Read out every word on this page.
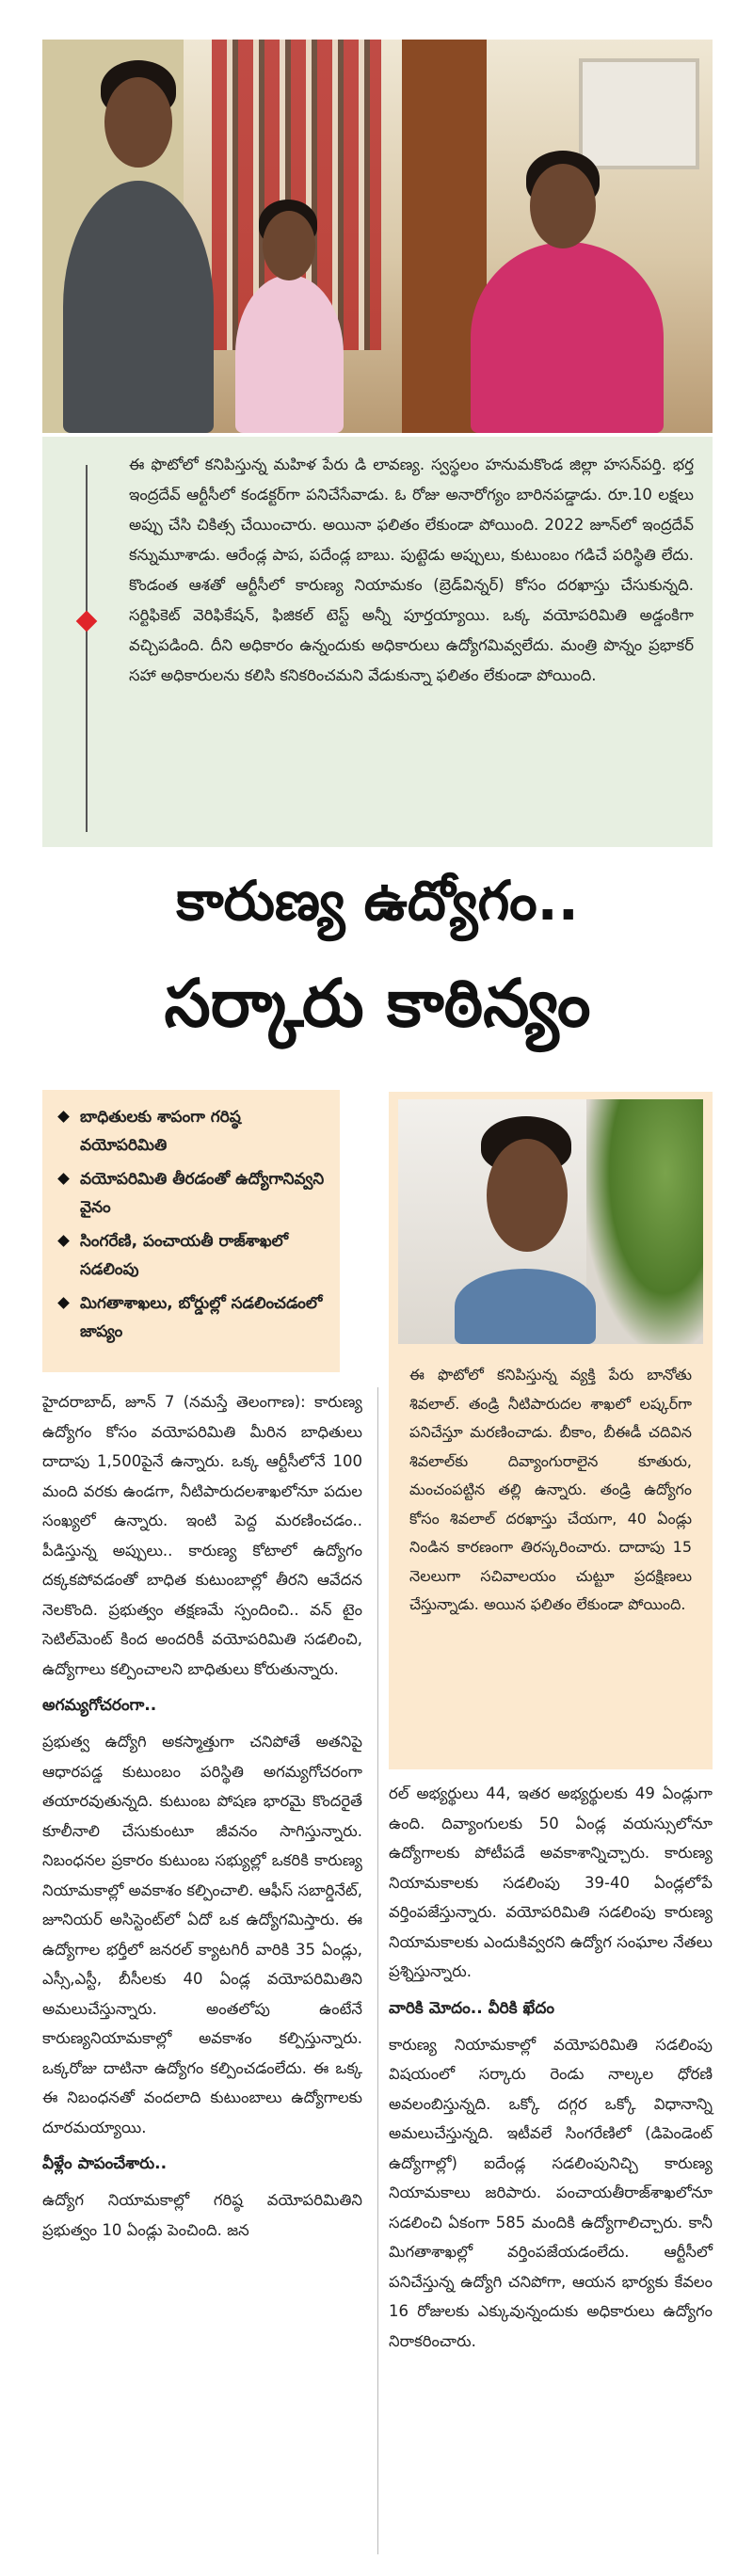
ఈ ఫొటోలో కనిపిస్తున్న మహిళ పేరు డి లావణ్య. స్వస్థలం హనుమకొండ జిల్లా హసన్‌పర్తి. భర్త ఇంద్రదేవ్ ఆర్టీసీలో కండక్టర్‌గా పనిచేసేవాడు. ఓ రోజు అనారోగ్యం బారినపడ్డాడు. రూ.10 లక్షలు అప్పు చేసి చికిత్స చేయించారు. అయినా ఫలితం లేకుండా పోయింది. 2022 జూన్‌లో ఇంద్రదేవ్ కన్నుమూశాడు. ఆరేండ్ల పాప, పదేండ్ల బాబు. పుట్టెడు అప్పులు, కుటుంబం గడిచే పరిస్థితి లేదు. కొండంత ఆశతో ఆర్టీసీలో కారుణ్య నియామకం (బ్రెడ్‌విన్నర్) కోసం దరఖాస్తు చేసుకున్నది. సర్టిఫికెట్ వెరిఫికేషన్, ఫిజికల్ టెస్ట్ అన్నీ పూర్తయ్యాయి. ఒక్క వయోపరిమితి అడ్డంకిగా వచ్చిపడింది. దీని అధికారం ఉన్నందుకు అధికారులు ఉద్యోగమివ్వలేదు. మంత్రి పొన్నం ప్రభాకర్ సహా అధికారులను కలిసి కనికరించమని వేడుకున్నా ఫలితం లేకుండా పోయింది.

కారుణ్య ఉద్యోగం..
సర్కారు కాఠిన్యం
బాధితులకు శాపంగా గరిష్ఠ వయోపరిమితి
వయోపరిమితి తీరడంతో ఉద్యోగానివ్వని వైనం
సింగరేణి, పంచాయతీ రాజ్‌శాఖలో సడలింపు
మిగతాశాఖలు, బోర్డుల్లో సడలించడంలో జాప్యం

ఈ ఫొటోలో కనిపిస్తున్న వ్యక్తి పేరు బానోతు శివలాల్. తండ్రి నీటిపారుదల శాఖలో లష్కర్‌గా పనిచేస్తూ మరణించాడు. బీకాం, బీఈడీ చదివిన శివలాల్‌కు దివ్యాంగురాలైన కూతురు, మంచంపట్టిన తల్లి ఉన్నారు. తండ్రి ఉద్యోగం కోసం శివలాల్ దరఖాస్తు చేయగా, 40 ఏండ్లు నిండిన కారణంగా తిరస్కరించారు. దాదాపు 15 నెలలుగా సచివాలయం చుట్టూ ప్రదక్షిణలు చేస్తున్నాడు. అయిన ఫలితం లేకుండా పోయింది.

హైదరాబాద్, జూన్ 7 (నమస్తే తెలంగాణ): కారుణ్య ఉద్యోగం కోసం వయోపరిమితి మీరిన బాధితులు దాదాపు 1,500పైనే ఉన్నారు. ఒక్క ఆర్టీసీలోనే 100 మంది వరకు ఉండగా, నీటిపారుదలశాఖలోనూ పదుల సంఖ్యలో ఉన్నారు. ఇంటి పెద్ద మరణించడం.. పీడిస్తున్న అప్పులు.. కారుణ్య కోటాలో ఉద్యోగం దక్కకపోవడంతో బాధిత కుటుంబాల్లో తీరని ఆవేదన నెలకొంది. ప్రభుత్వం తక్షణమే స్పందించి.. వన్ టైం సెటిల్‌మెంట్ కింద అందరికీ వయోపరిమితి సడలించి, ఉద్యోగాలు కల్పించాలని బాధితులు కోరుతున్నారు.

అగమ్యగోచరంగా..

ప్రభుత్వ ఉద్యోగి అకస్మాత్తుగా చనిపోతే అతనిపై ఆధారపడ్డ కుటుంబం పరిస్థితి అగమ్యగోచరంగా తయారవుతున్నది. కుటుంబ పోషణ భారమై కొందరైతే కూలీనాలి చేసుకుంటూ జీవనం సాగిస్తున్నారు. నిబంధనల ప్రకారం కుటుంబ సభ్యుల్లో ఒకరికి కారుణ్య నియామకాల్లో అవకాశం కల్పించాలి. ఆఫీస్ సబార్డినేట్, జూనియర్ అసిస్టెంట్‌లో ఏదో ఒక ఉద్యోగమిస్తారు. ఈ ఉద్యోగాల భర్తీలో జనరల్ క్యాటగిరీ వారికి 35 ఏండ్లు, ఎస్సీ,ఎస్టీ, బీసీలకు 40 ఏండ్ల వయోపరిమితిని అమలుచేస్తున్నారు. అంతలోపు ఉంటేనే కారుణ్యనియామకాల్లో అవకాశం కల్పిస్తున్నారు. ఒక్కరోజు దాటినా ఉద్యోగం కల్పించడంలేదు. ఈ ఒక్క ఈ నిబంధనతో వందలాది కుటుంబాలు ఉద్యోగాలకు దూరమయ్యాయి.

వీళ్లేం పాపంచేశారు..

ఉద్యోగ నియామకాల్లో గరిష్ఠ వయోపరిమితిని ప్రభుత్వం 10 ఏండ్లు పెంచింది. జన

రల్ అభ్యర్థులు 44, ఇతర అభ్యర్థులకు 49 ఏండ్లుగా ఉంది. దివ్యాంగులకు 50 ఏండ్ల వయస్సులోనూ ఉద్యోగాలకు పోటీపడే అవకాశాన్నిచ్చారు. కారుణ్య నియామకాలకు సడలింపు 39-40 ఏండ్లలోపే వర్తింపజేస్తున్నారు. వయోపరిమితి సడలింపు కారుణ్య నియామకాలకు ఎందుకివ్వరని ఉద్యోగ సంఘాల నేతలు ప్రశ్నిస్తున్నారు.

వారికి మోదం.. వీరికి ఖేదం

కారుణ్య నియామకాల్లో వయోపరిమితి సడలింపు విషయంలో సర్కారు రెండు నాల్కల ధోరణి అవలంబిస్తున్నది. ఒక్కో దగ్గర ఒక్కో విధానాన్ని అమలుచేస్తున్నది. ఇటీవలే సింగరేణిలో (డిపెండెంట్ ఉద్యోగాల్లో) ఐదేండ్ల సడలింపునిచ్చి కారుణ్య నియామకాలు జరిపారు. పంచాయతీరాజ్‌శాఖలోనూ సడలించి ఏకంగా 585 మందికి ఉద్యోగాలిచ్చారు. కానీ మిగతాశాఖల్లో వర్తింపజేయడంలేదు. ఆర్టీసీలో పనిచేస్తున్న ఉద్యోగి చనిపోగా, ఆయన భార్యకు కేవలం 16 రోజులకు ఎక్కువున్నందుకు అధికారులు ఉద్యోగం నిరాకరించారు.
